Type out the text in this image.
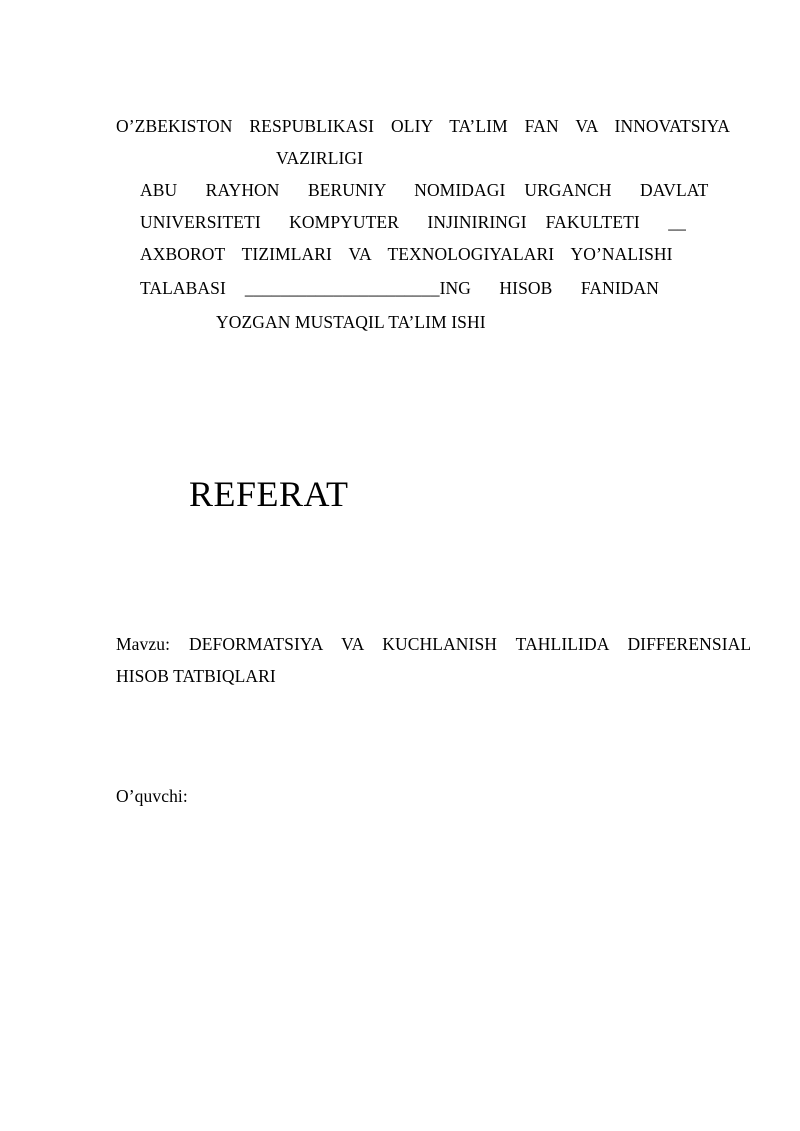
O’ZBEKISTON  RESPUBLIKASI  OLIY  TA’LIM  FAN  VA  INNOVATSIYA
VAZIRLIGI
ABU   RAYHON   BERUNIY   NOMIDAGI  URGANCH   DAVLAT
UNIVERSITETI   KOMPYUTER   INJINIRINGI  FAKULTETI   __
AXBOROT  TIZIMLARI  VA  TEXNOLOGIYALARI  YO’NALISHI
TALABASI  ______________________ING   HISOB   FANIDAN
YOZGAN MUSTAQIL TA’LIM ISHI
REFERAT
Mavzu:  DEFORMATSIYA  VA  KUCHLANISH  TAHLILIDA  DIFFERENSIAL
HISOB TATBIQLARI
O’quvchi:
